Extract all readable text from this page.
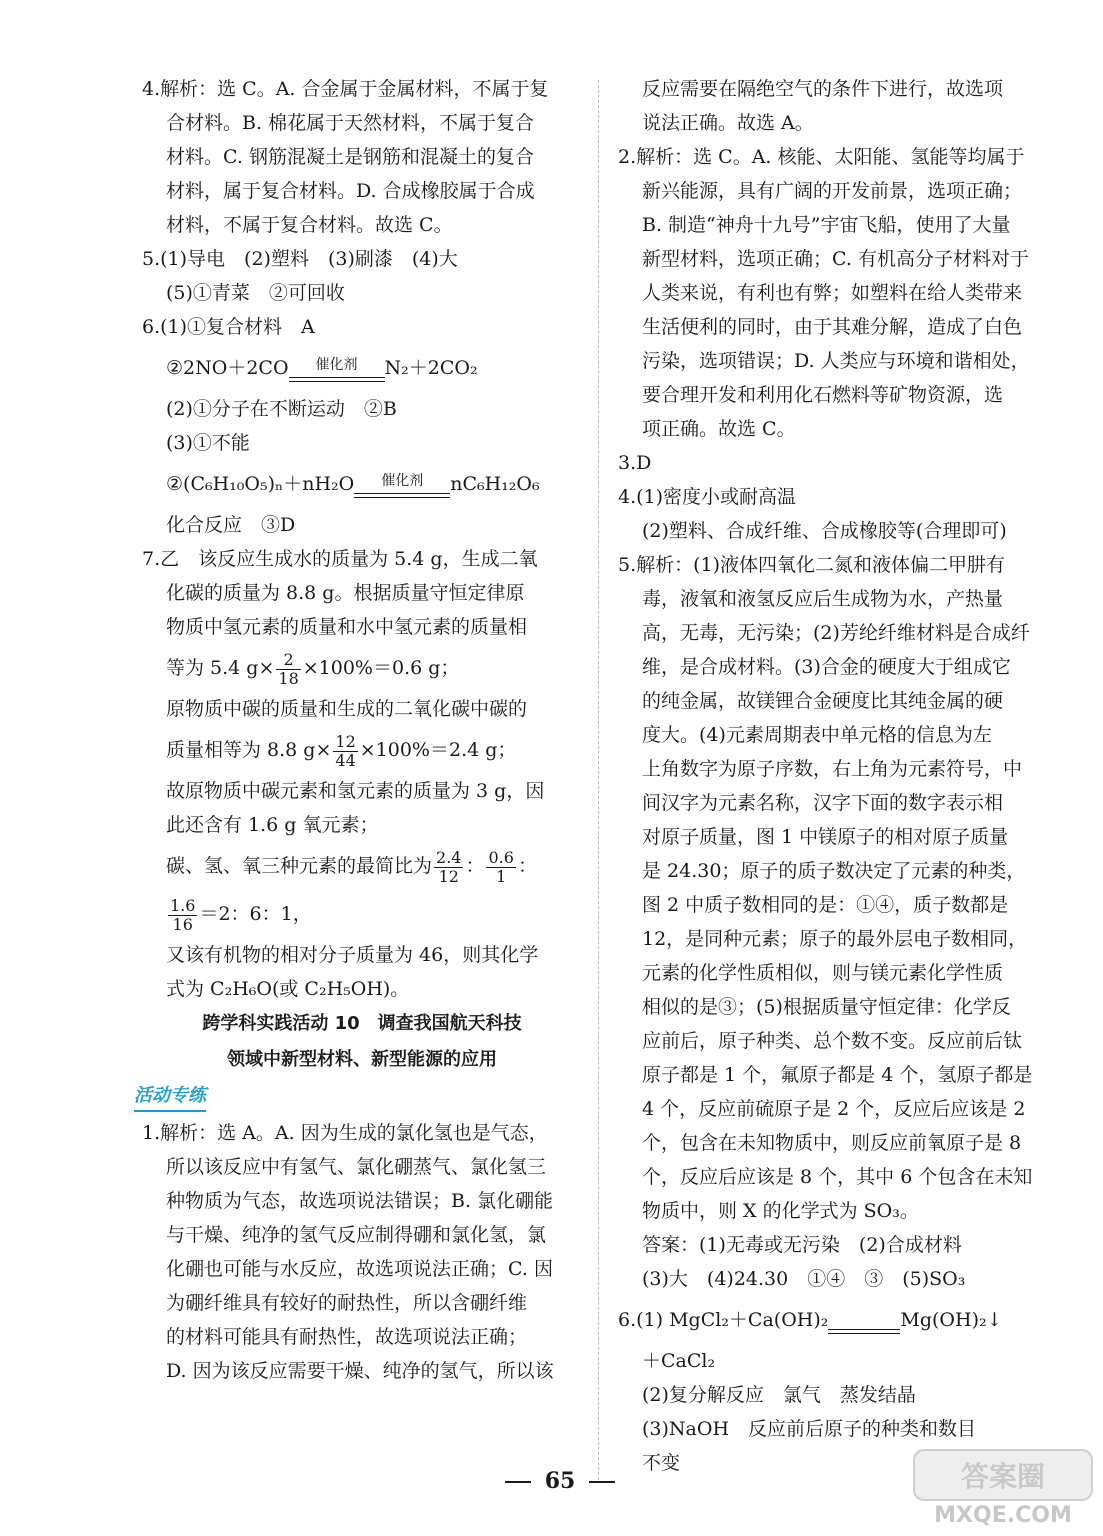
4.解析：选 C。A. 合金属于金属材料，不属于复
合材料。B. 棉花属于天然材料，不属于复合
材料。C. 钢筋混凝土是钢筋和混凝土的复合
材料，属于复合材料。D. 合成橡胶属于合成
材料，不属于复合材料。故选 C。
5.(1)导电　(2)塑料　(3)刷漆　(4)大
(5)①青菜　②可回收
6.(1)①复合材料　A
②2NO＋2CO	催化剂	N₂＋2CO₂
(2)①分子在不断运动　②B
(3)①不能
②(C₆H₁₀O₅)ₙ＋nH₂O	催化剂	nC₆H₁₂O₆
化合反应　③D
7.乙　该反应生成水的质量为 5.4 g，生成二氧
化碳的质量为 8.8 g。根据质量守恒定律原
物质中氢元素的质量和水中氢元素的质量相
等为 5.4 $g\times \frac{2}{18} \times 100\%=0.6$ g；
原物质中碳的质量和生成的二氧化碳中碳的
质量相等为 8.8 $g\times \frac{12}{44} \times 100\%=2.4$ g；
故原物质中碳元素和氢元素的质量为 3 g，因
此还含有 1.6 g 氧元素；
碳、氢、氧三种元素的最简比为 $\frac{2.4}{12}$ ： $\frac{0.6}{1}$ ：
$\frac{1.6}{16} =2$：6：1，
又该有机物的相对分子质量为 46，则其化学
式为 C₂H₆O(或 C₂H₅OH)。
跨学科实践活动 10　调查我国航天科技
领域中新型材料、新型能源的应用
活动专练
1.解析：选 A。A. 因为生成的氯化氢也是气态，
所以该反应中有氢气、氯化硼蒸气、氯化氢三
种物质为气态，故选项说法错误；B. 氯化硼能
与干燥、纯净的氢气反应制得硼和氯化氢，氯
化硼也可能与水反应，故选项说法正确；C. 因
为硼纤维具有较好的耐热性，所以含硼纤维
的材料可能具有耐热性，故选项说法正确；
D. 因为该反应需要干燥、纯净的氢气，所以该
反应需要在隔绝空气的条件下进行，故选项
说法正确。故选 A。
2.解析：选 C。A. 核能、太阳能、氢能等均属于
新兴能源，具有广阔的开发前景，选项正确；
B. 制造“神舟十九号”宇宙飞船，使用了大量
新型材料，选项正确；C. 有机高分子材料对于
人类来说，有利也有弊；如塑料在给人类带来
生活便利的同时，由于其难分解，造成了白色
污染，选项错误；D. 人类应与环境和谐相处，
要合理开发和利用化石燃料等矿物资源，选
项正确。故选 C。
3.D
4.(1)密度小或耐高温
(2)塑料、合成纤维、合成橡胶等(合理即可)
5.解析：(1)液体四氧化二氮和液体偏二甲肼有
毒，液氧和液氢反应后生成物为水，产热量
高，无毒，无污染；(2)芳纶纤维材料是合成纤
维，是合成材料。(3)合金的硬度大于组成它
的纯金属，故镁锂合金硬度比其纯金属的硬
度大。(4)元素周期表中单元格的信息为左
上角数字为原子序数，右上角为元素符号，中
间汉字为元素名称，汉字下面的数字表示相
对原子质量，图 1 中镁原子的相对原子质量
是 24.30；原子的质子数决定了元素的种类，
图 2 中质子数相同的是：①④，质子数都是
12，是同种元素；原子的最外层电子数相同，
元素的化学性质相似，则与镁元素化学性质
相似的是③；(5)根据质量守恒定律：化学反
应前后，原子种类、总个数不变。反应前后钛
原子都是 1 个，氟原子都是 4 个，氢原子都是
4 个，反应前硫原子是 2 个，反应后应该是 2
个，包含在未知物质中，则反应前氧原子是 8
个，反应后应该是 8 个，其中 6 个包含在未知
物质中，则 X 的化学式为 SO₃。
答案：(1)无毒或无污染　(2)合成材料
(3)大　(4)24.30　①④　③　(5)SO₃
6.(1) MgCl₂＋Ca(OH)₂	Mg(OH)₂↓
＋CaCl₂
(2)复分解反应　氯气　蒸发结晶
(3)NaOH　反应前后原子的种类和数目
不变
65	答案圈
MXQE.COM
